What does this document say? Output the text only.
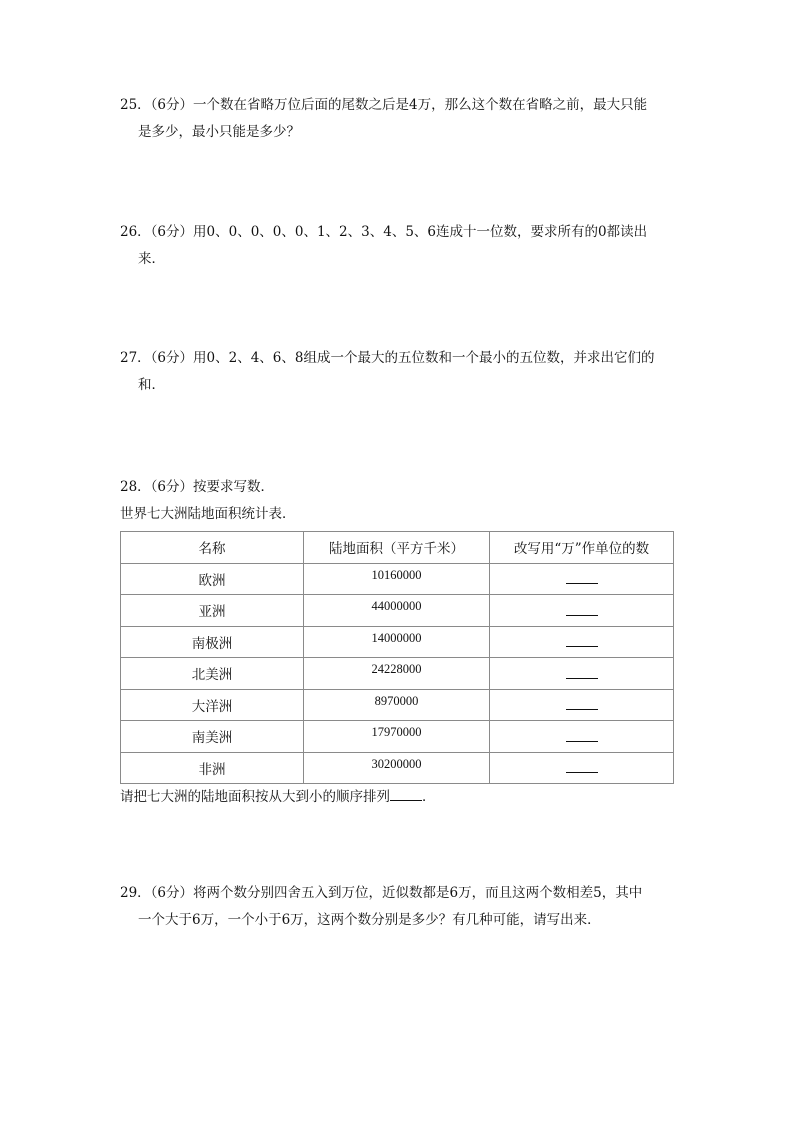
25．（6分）一个数在省略万位后面的尾数之后是4万，那么这个数在省略之前，最大只能
是多少，最小只能是多少？
26．（6分）用0、0、0、0、0、1、2、3、4、5、6连成十一位数，要求所有的0都读出
来．
27．（6分）用0、2、4、6、8组成一个最大的五位数和一个最小的五位数，并求出它们的
和．
28．（6分）按要求写数．
世界七大洲陆地面积统计表．
名称	陆地面积（平方千米）	改写用“万”作单位的数
欧洲	10160000	
亚洲	44000000	
南极洲	14000000	
北美洲	24228000	
大洋洲	8970000	
南美洲	17970000	
非洲	30200000	
请把七大洲的陆地面积按从大到小的顺序排列 ．
29．（6分）将两个数分别四舍五入到万位，近似数都是6万，而且这两个数相差5，其中
一个大于6万，一个小于6万，这两个数分别是多少？有几种可能，请写出来．
